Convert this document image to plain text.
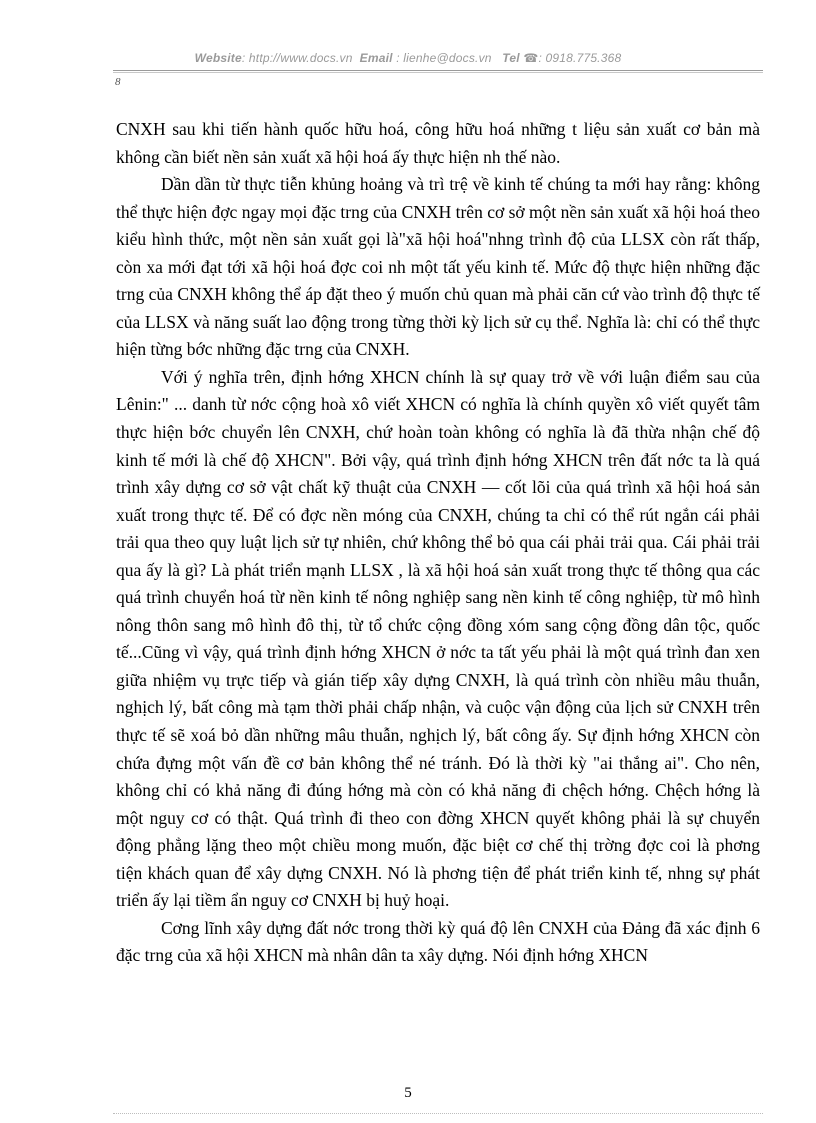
Website: http://www.docs.vn Email : lienhe@docs.vn Tel ☎: 0918.775.368
8

CNXH sau khi tiến hành quốc hữu hoá, công hữu hoá những t liệu sản xuất cơ bản mà không cần biết nền sản xuất xã hội hoá ấy thực hiện nh thế nào.

Dần dần từ thực tiễn khủng hoảng và trì trệ về kinh tế chúng ta mới hay rằng: không thể thực hiện đợc ngay mọi đặc trng của CNXH trên cơ sở một nền sản xuất xã hội hoá theo kiểu hình thức, một nền sản xuất gọi là"xã hội hoá"nhng trình độ của LLSX còn rất thấp, còn xa mới đạt tới xã hội hoá đợc coi nh một tất yếu kinh tế. Mức độ thực hiện những đặc trng của CNXH không thể áp đặt theo ý muốn chủ quan mà phải căn cứ vào trình độ thực tế của LLSX và năng suất lao động trong từng thời kỳ lịch sử cụ thể. Nghĩa là: chỉ có thể thực hiện từng bớc những đặc trng của CNXH.

Với ý nghĩa trên, định hớng XHCN chính là sự quay trở về với luận điểm sau của Lênin:" ... danh từ nớc cộng hoà xô viết XHCN có nghĩa là chính quyền xô viết quyết tâm thực hiện bớc chuyển lên CNXH, chứ hoàn toàn không có nghĩa là đã thừa nhận chế độ kinh tế mới là chế độ XHCN". Bởi vậy, quá trình định hớng XHCN trên đất nớc ta là quá trình xây dựng cơ sở vật chất kỹ thuật của CNXH — cốt lõi của quá trình xã hội hoá sản xuất trong thực tế. Để có đợc nền móng của CNXH, chúng ta chỉ có thể rút ngắn cái phải trải qua theo quy luật lịch sử tự nhiên, chứ không thể bỏ qua cái phải trải qua. Cái phải trải qua ấy là gì? Là phát triển mạnh LLSX , là xã hội hoá sản xuất trong thực tế thông qua các quá trình chuyển hoá từ nền kinh tế nông nghiệp sang nền kinh tế công nghiệp, từ mô hình nông thôn sang mô hình đô thị, từ tổ chức cộng đồng xóm sang cộng đồng dân tộc, quốc tế...Cũng vì vậy, quá trình định hớng XHCN ở nớc ta tất yếu phải là một quá trình đan xen giữa nhiệm vụ trực tiếp và gián tiếp xây dựng CNXH, là quá trình còn nhiều mâu thuẫn, nghịch lý, bất công mà tạm thời phải chấp nhận, và cuộc vận động của lịch sử CNXH trên thực tế sẽ xoá bỏ dần những mâu thuẫn, nghịch lý, bất công ấy. Sự định hớng XHCN còn chứa đựng một vấn đề cơ bản không thể né tránh. Đó là thời kỳ "ai thắng ai". Cho nên, không chỉ có khả năng đi đúng hớng mà còn có khả năng đi chệch hớng. Chệch hớng là một nguy cơ có thật. Quá trình đi theo con đờng XHCN quyết không phải là sự chuyển động phẳng lặng theo một chiều mong muốn, đặc biệt cơ chế thị trờng đợc coi là phơng tiện khách quan để xây dựng CNXH. Nó là phơng tiện để phát triển kinh tế, nhng sự phát triển ấy lại tiềm ẩn nguy cơ CNXH bị huỷ hoại.

Cơng lĩnh xây dựng đất nớc trong thời kỳ quá độ lên CNXH của Đảng đã xác định 6 đặc trng của xã hội XHCN mà nhân dân ta xây dựng. Nói định hớng XHCN

5
